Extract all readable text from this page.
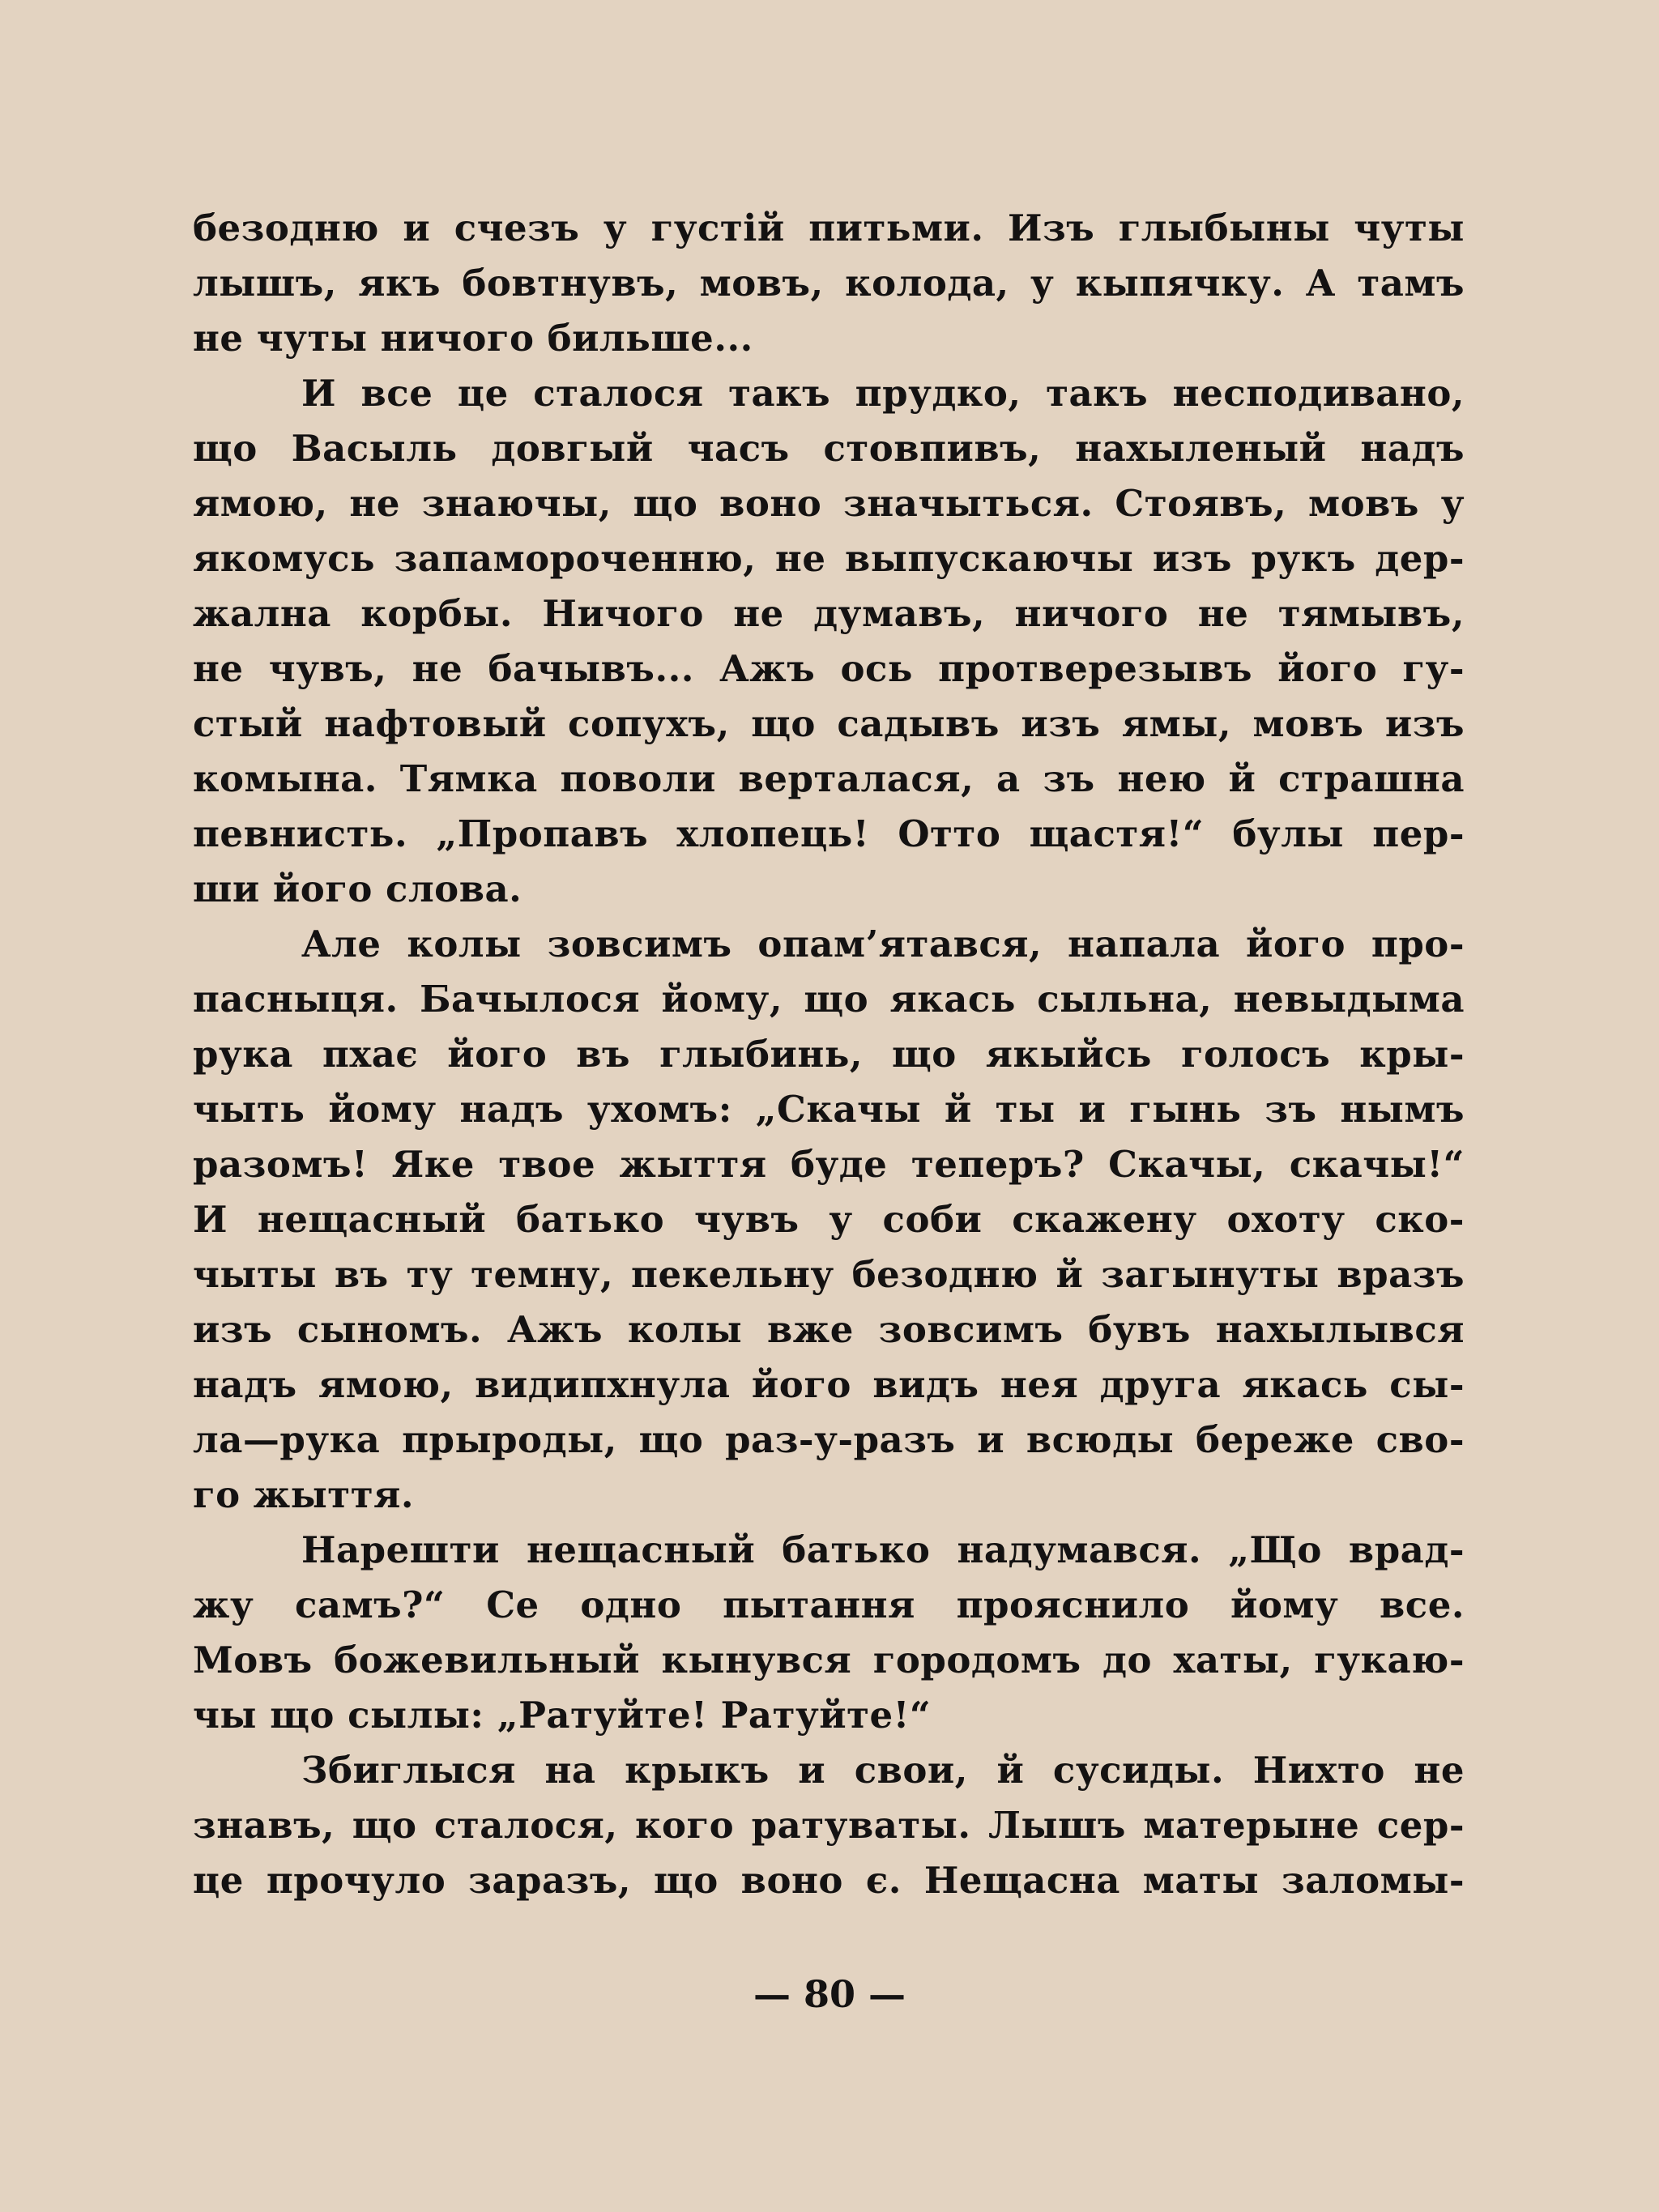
безодню и счезъ у густій питьми. Изъ глыбыны чуты
лышъ, якъ бовтнувъ, мовъ, колода, у кыпячку. А тамъ
не чуты ничого бильше...
И все це сталося такъ прудко, такъ несподивано,
що Васыль довгый часъ стовпивъ, нахыленый надъ
ямою, не знаючы, що воно значыться. Стоявъ, мовъ у
якомусь запамороченню, не выпускаючы изъ рукъ дер-
жална корбы. Ничого не думавъ, ничого не тямывъ,
не чувъ, не бачывъ... Ажъ ось протверезывъ його гу-
стый нафтовый сопухъ, що садывъ изъ ямы, мовъ изъ
комына. Тямка поволи верталася, а зъ нею й страшна
певнисть. „Пропавъ хлопець! Отто щастя!“ булы пер-
ши його слова.
Але колы зовсимъ опам’ятався, напала його про-
пасныця. Бачылося йому, що якась сыльна, невыдыма
рука пхає його въ глыбинь, що якыйсь голосъ кры-
чыть йому надъ ухомъ: „Скачы й ты и гынь зъ нымъ
разомъ! Яке твое жыття буде теперъ? Скачы, скачы!“
И нещасный батько чувъ у соби скажену охоту ско-
чыты въ ту темну, пекельну безодню й загынуты вразъ
изъ сыномъ. Ажъ колы вже зовсимъ бувъ нахылывся
надъ ямою, видипхнула його видъ нея друга якась сы-
ла—рука прыроды, що раз-у-разъ и всюды береже сво-
го жыття.
Нарешти нещасный батько надумався. „Що врад-
жу самъ?“ Се одно пытання прояснило йому все.
Мовъ божевильный кынувся городомъ до хаты, гукаю-
чы що сылы: „Ратуйте! Ратуйте!“
Збиглыся на крыкъ и свои, й сусиды. Нихто не
знавъ, що сталося, кого ратуваты. Лышъ матерыне сер-
це прочуло заразъ, що воно є. Нещасна маты заломы-
— 80 —
